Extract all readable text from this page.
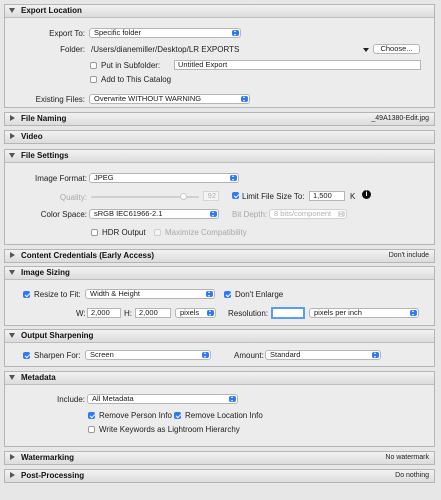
Export Location
Export To:	Specific folder
Folder: /Users/dianemiller/Desktop/LR EXPORTS	Choose...
Put in Subfolder:	Untitled Export
Add to This Catalog
Existing Files:	Overwrite WITHOUT WARNING
File Naming	_49A1380-Edit.jpg
Video
File Settings
Image Format: JPEG
Quality:	92	Limit File Size To:	1,500	K	i
Color Space: sRGB IEC61966-2.1	Bit Depth: 8 bits/component
HDR Output Maximize Compatibility
Content Credentials (Early Access)	Don't include
Image Sizing
Resize to Fit:	Width & Height	Don't Enlarge
W: 2,000	H: 2,000	pixels	Resolution:	pixels per inch
Output Sharpening
Sharpen For:	Screen	Amount: Standard
Metadata
Include: All Metadata
Remove Person Info Remove Location Info
Write Keywords as Lightroom Hierarchy
Watermarking	No watermark
Post-Processing	Do nothing
